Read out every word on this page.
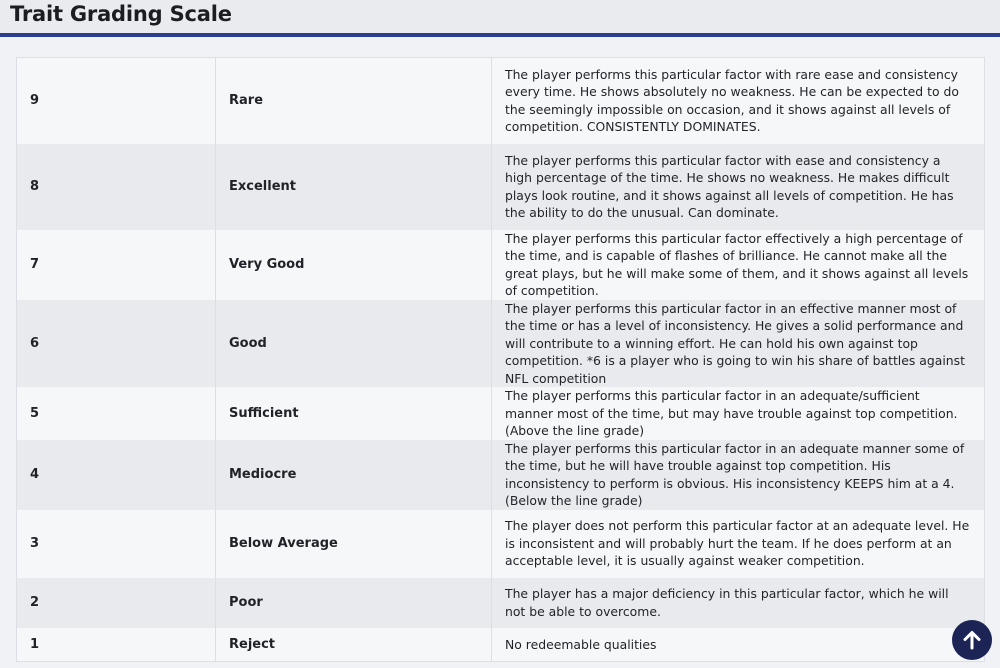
Trait Grading Scale
9	Rare	The player performs this particular factor with rare ease and consistency every time. He shows absolutely no weakness. He can be expected to do the seemingly impossible on occasion, and it shows against all levels of competition. CONSISTENTLY DOMINATES.
8	Excellent	The player performs this particular factor with ease and consistency a high percentage of the time. He shows no weakness. He makes difficult plays look routine, and it shows against all levels of competition. He has the ability to do the unusual. Can dominate.
7	Very Good	The player performs this particular factor effectively a high percentage of the time, and is capable of flashes of brilliance. He cannot make all the great plays, but he will make some of them, and it shows against all levels of competition.
6	Good	The player performs this particular factor in an effective manner most of the time or has a level of inconsistency. He gives a solid performance and will contribute to a winning effort. He can hold his own against top competition. *6 is a player who is going to win his share of battles against NFL competition
5	Sufficient	The player performs this particular factor in an adequate/sufficient manner most of the time, but may have trouble against top competition. (Above the line grade)
4	Mediocre	The player performs this particular factor in an adequate manner some of the time, but he will have trouble against top competition. His inconsistency to perform is obvious. His inconsistency KEEPS him at a 4. (Below the line grade)
3	Below Average	The player does not perform this particular factor at an adequate level. He is inconsistent and will probably hurt the team. If he does perform at an acceptable level, it is usually against weaker competition.
2	Poor	The player has a major deficiency in this particular factor, which he will not be able to overcome.
1	Reject	No redeemable qualities
